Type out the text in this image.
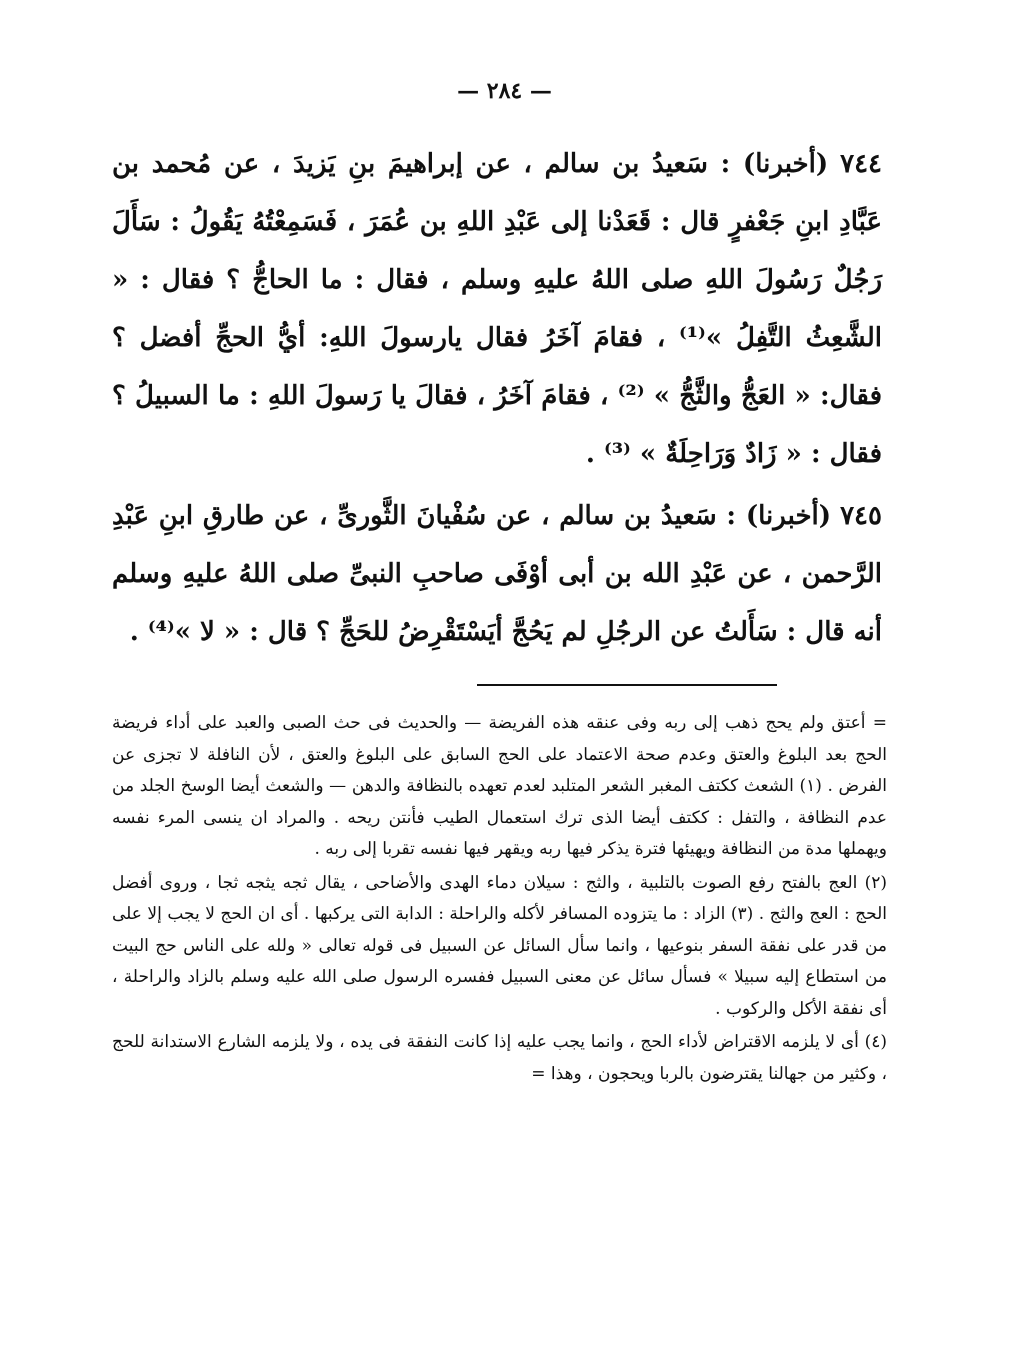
— ٢٨٤ —

٧٤٤ (أخبرنا) : سَعيدُ بن سالم ، عن إبراهيمَ بنِ يَزيدَ ، عن مُحمد بن عَبَّادِ ابنِ جَعْفرٍ قال : قَعَدْنا إلى عَبْدِ اللهِ بن عُمَرَ ، فَسَمِعْتُهُ يَقُولُ : سَأَلَ رَجُلٌ رَسُولَ اللهِ صلى اللهُ عليهِ وسلم ، فقال : ما الحاجُّ ؟ فقال : « الشَّعِثُ التَّفِلُ »⁽¹⁾ ، فقامَ آخَرُ فقال يارسولَ اللهِ: أيُّ الحجِّ أفضل ؟فقال: « العَجُّ والثَّجُّ » ⁽²⁾ ، فقامَ آخَرُ ، فقالَ يا رَسولَ اللهِ : ما السبيلُ ؟ فقال : « زَادٌ وَرَاحِلَةٌ » ⁽³⁾ .

٧٤٥ (أخبرنا) : سَعيدُ بن سالم ، عن سُفْيانَ الثَّورىِّ ، عن طارقِ ابنِ عَبْدِ الرَّحمن ، عن عَبْدِ الله بن أبى أوْفَى صاحبِ النبىِّ صلى اللهُ عليهِ وسلم أنه قال : سَأَلتُ عن الرجُلِ لم يَحُجَّ أيَسْتَقْرِضُ للحَجِّ ؟ قال : « لا »⁽⁴⁾ .

= أعتق ولم يحج ذهب إلى ربه وفى عنقه هذه الفريضة — والحديث فى حث الصبى والعبد على أداء فريضة الحج بعد البلوغ والعتق وعدم صحة الاعتماد على الحج السابق على البلوغ والعتق ، لأن النافلة لا تجزى عن الفرض . (١) الشعث ككتف المغبر الشعر المتلبد لعدم تعهده بالنظافة والدهن — والشعث أيضا الوسخ الجلد من عدم النظافة ، والتفل : ككتف أيضا الذى ترك استعمال الطيب فأنتن ريحه . والمراد ان ينسى المرء نفسه ويهملها مدة من النظافة ويهيئها فترة يذكر فيها ربه ويقهر فيها نفسه تقربا إلى ربه .

(٢) العج بالفتح رفع الصوت بالتلبية ، والثج : سيلان دماء الهدى والأضاحى ، يقال ثجه يثجه ثجا ، وروى أفضل الحج : العج والثج . (٣) الزاد : ما يتزوده المسافر لأكله والراحلة : الدابة التى يركبها . أى ان الحج لا يجب إلا على من قدر على نفقة السفر بنوعيها ، وانما سأل السائل عن السبيل فى قوله تعالى « ولله على الناس حج البيت من استطاع إليه سبيلا » فسأل سائل عن معنى السبيل ففسره الرسول صلى الله عليه وسلم بالزاد والراحلة ، أى نفقة الأكل والركوب .

(٤) أى لا يلزمه الاقتراض لأداء الحج ، وانما يجب عليه إذا كانت النفقة فى يده ، ولا يلزمه الشارع الاستدانة للحج ، وكثير من جهالنا يقترضون بالربا ويحجون ، وهذا =
